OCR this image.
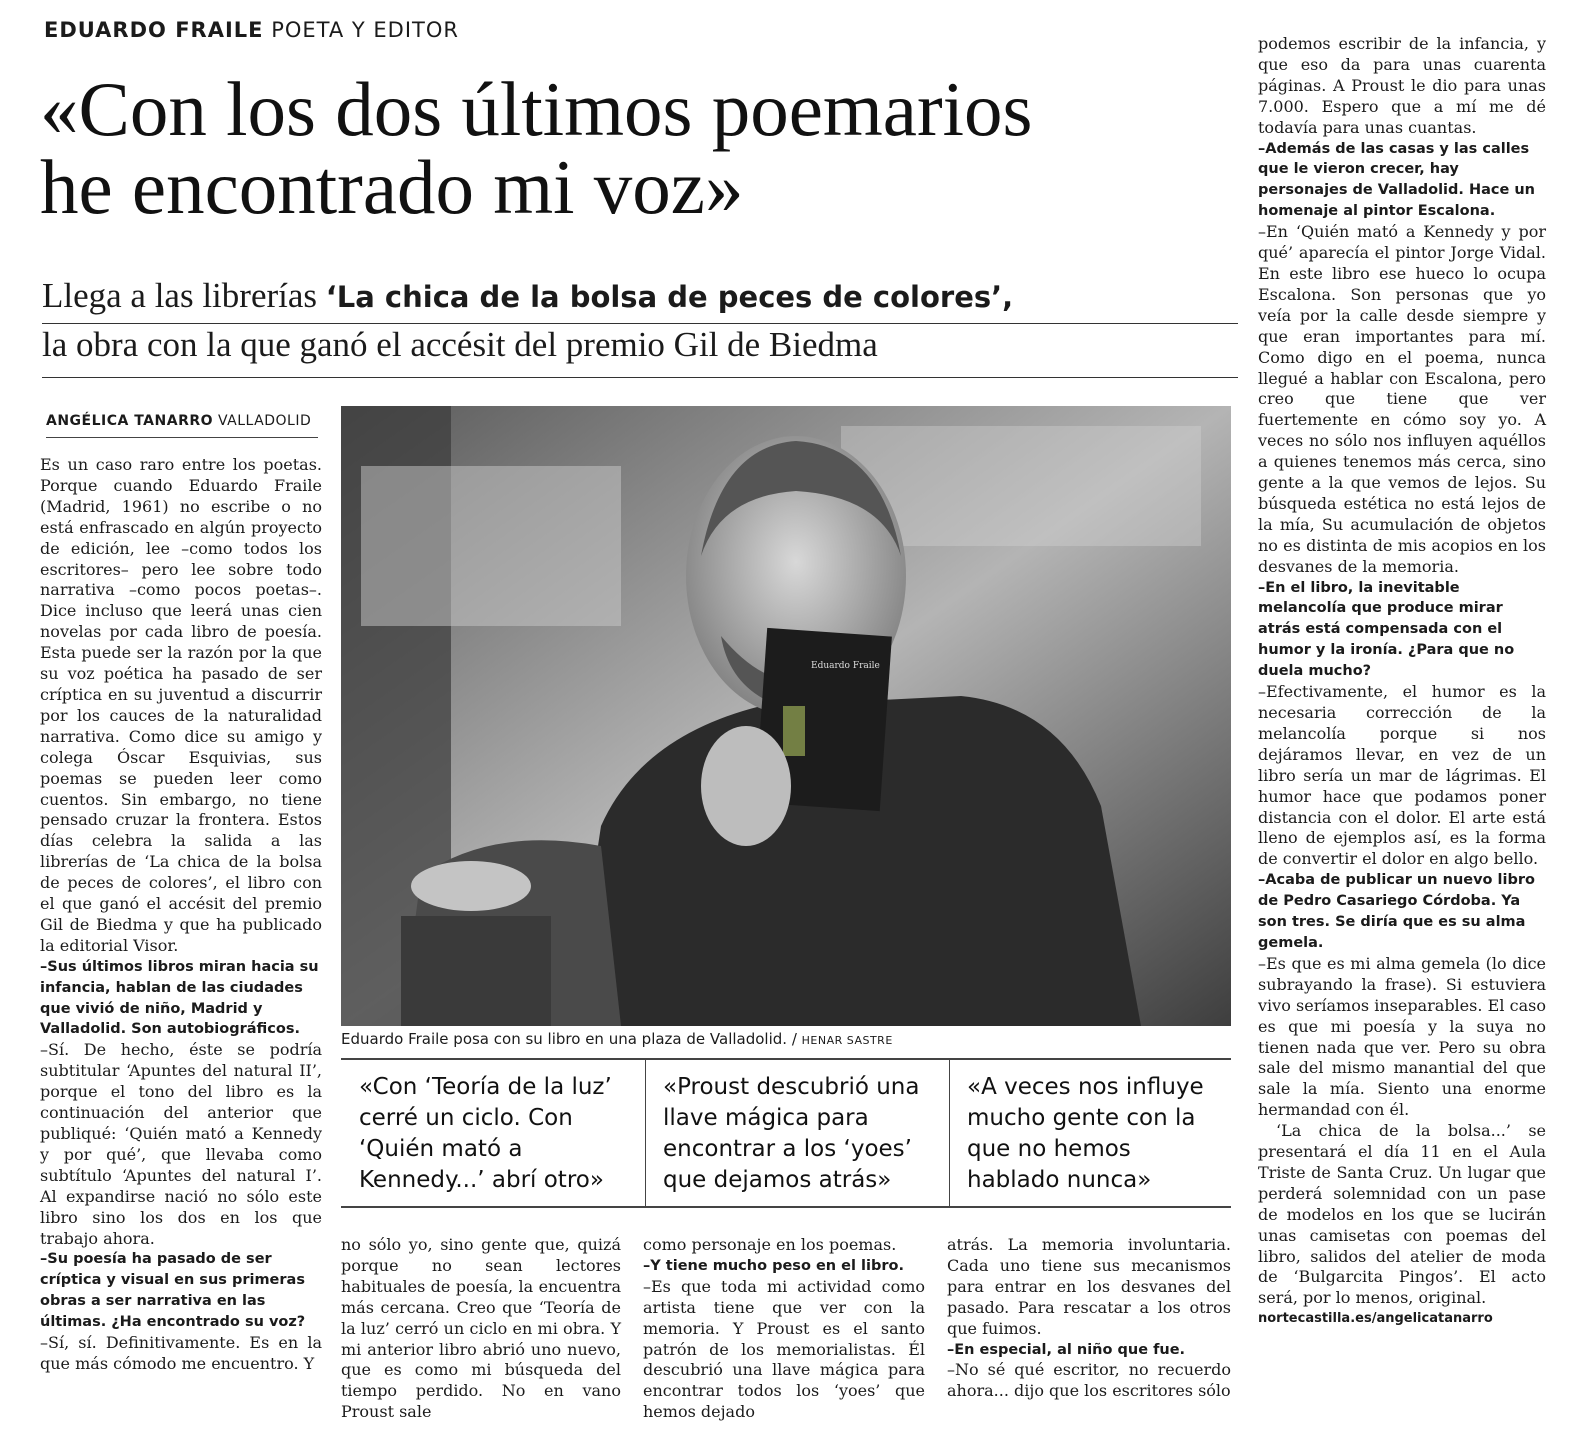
EDUARDO FRAILE POETA Y EDITOR
«Con los dos últimos poemarios
he encontrado mi voz»
Llega a las librerías ‘La chica de la bolsa de peces de colores’,
la obra con la que ganó el accésit del premio Gil de Biedma
ANGÉLICA TANARRO VALLADOLID

Es un caso raro entre los poetas. Porque cuando Eduardo Fraile (Madrid, 1961) no escribe o no está enfrascado en algún proyecto de edición, lee –como todos los escritores– pero lee sobre todo narrativa –como pocos poetas–. Dice incluso que leerá unas cien novelas por cada libro de poesía. Esta puede ser la razón por la que su voz poética ha pasado de ser críptica en su juventud a discurrir por los cauces de la naturalidad narrativa. Como dice su amigo y colega Óscar Esquivias, sus poemas se pueden leer como cuentos. Sin embargo, no tiene pensado cruzar la frontera. Estos días celebra la salida a las librerías de ‘La chica de la bolsa de peces de colores’, el libro con el que ganó el accésit del premio Gil de Biedma y que ha publicado la editorial Visor.

–Sus últimos libros miran hacia su infancia, hablan de las ciudades que vivió de niño, Madrid y Valladolid. Son autobiográficos.

–Sí. De hecho, éste se podría subtitular ‘Apuntes del natural II’, porque el tono del libro es la continuación del anterior que publiqué: ‘Quién mató a Kennedy y por qué’, que llevaba como subtítulo ‘Apuntes del natural I’. Al expandirse nació no sólo este libro sino los dos en los que trabajo ahora.

–Su poesía ha pasado de ser críptica y visual en sus primeras obras a ser narrativa en las últimas. ¿Ha encontrado su voz?

–Sí, sí. Definitivamente. Es en la que más cómodo me encuentro. Y

Eduardo Fraile
Eduardo Fraile posa con su libro en una plaza de Valladolid. / HENAR SASTRE
«Con ‘Teoría de la luz’ cerré un ciclo. Con ‘Quién mató a Kennedy...’ abrí otro»
«Proust descubrió una llave mágica para encontrar a los ‘yoes’ que dejamos atrás»
«A veces nos influye mucho gente con la que no hemos hablado nunca»

no sólo yo, sino gente que, quizá porque no sean lectores habituales de poesía, la encuentra más cercana. Creo que ‘Teoría de la luz’ cerró un ciclo en mi obra. Y mi anterior libro abrió uno nuevo, que es como mi búsqueda del tiempo perdido. No en vano Proust sale

como personaje en los poemas.

–Y tiene mucho peso en el libro.

–Es que toda mi actividad como artista tiene que ver con la memoria. Y Proust es el santo patrón de los memorialistas. Él descubrió una llave mágica para encontrar todos los ‘yoes’ que hemos dejado

atrás. La memoria involuntaria. Cada uno tiene sus mecanismos para entrar en los desvanes del pasado. Para rescatar a los otros que fuimos.

–En especial, al niño que fue.

–No sé qué escritor, no recuerdo ahora... dijo que los escritores sólo

podemos escribir de la infancia, y que eso da para unas cuarenta páginas. A Proust le dio para unas 7.000. Espero que a mí me dé todavía para unas cuantas.

–Además de las casas y las calles que le vieron crecer, hay personajes de Valladolid. Hace un homenaje al pintor Escalona.

–En ‘Quién mató a Kennedy y por qué’ aparecía el pintor Jorge Vidal. En este libro ese hueco lo ocupa Escalona. Son personas que yo veía por la calle desde siempre y que eran importantes para mí. Como digo en el poema, nunca llegué a hablar con Escalona, pero creo que tiene que ver fuertemente en cómo soy yo. A veces no sólo nos influyen aquéllos a quienes tenemos más cerca, sino gente a la que vemos de lejos. Su búsqueda estética no está lejos de la mía, Su acumulación de objetos no es distinta de mis acopios en los desvanes de la memoria.

–En el libro, la inevitable melancolía que produce mirar atrás está compensada con el humor y la ironía. ¿Para que no duela mucho?

–Efectivamente, el humor es la necesaria corrección de la melancolía porque si nos dejáramos llevar, en vez de un libro sería un mar de lágrimas. El humor hace que podamos poner distancia con el dolor. El arte está lleno de ejemplos así, es la forma de convertir el dolor en algo bello.

–Acaba de publicar un nuevo libro de Pedro Casariego Córdoba. Ya son tres. Se diría que es su alma gemela.

–Es que es mi alma gemela (lo dice subrayando la frase). Si estuviera vivo seríamos inseparables. El caso es que mi poesía y la suya no tienen nada que ver. Pero su obra sale del mismo manantial del que sale la mía. Siento una enorme hermandad con él.

‘La chica de la bolsa...’ se presentará el día 11 en el Aula Triste de Santa Cruz. Un lugar que perderá solemnidad con un pase de modelos en los que se lucirán unas camisetas con poemas del libro, salidos del atelier de moda de ‘Bulgarcita Pingos’. El acto será, por lo menos, original.

nortecastilla.es/angelicatanarro
